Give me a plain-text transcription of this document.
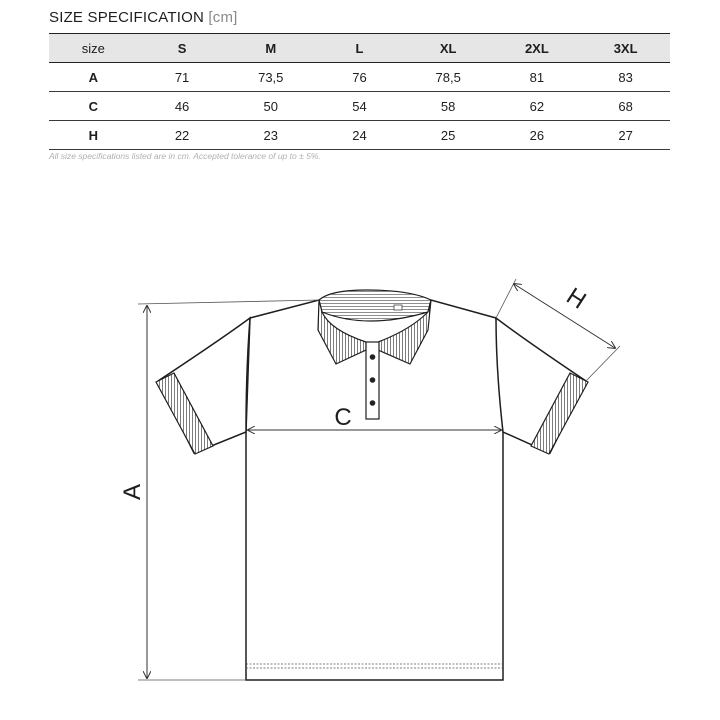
SIZE SPECIFICATION [cm]
size	S	M	L	XL	2XL	3XL
A	71	73,5	76	78,5	81	83
C	46	50	54	58	62	68
H	22	23	24	25	26	27
All size specifications listed are in cm. Accepted tolerance of up to ± 5%.
A
C
H
